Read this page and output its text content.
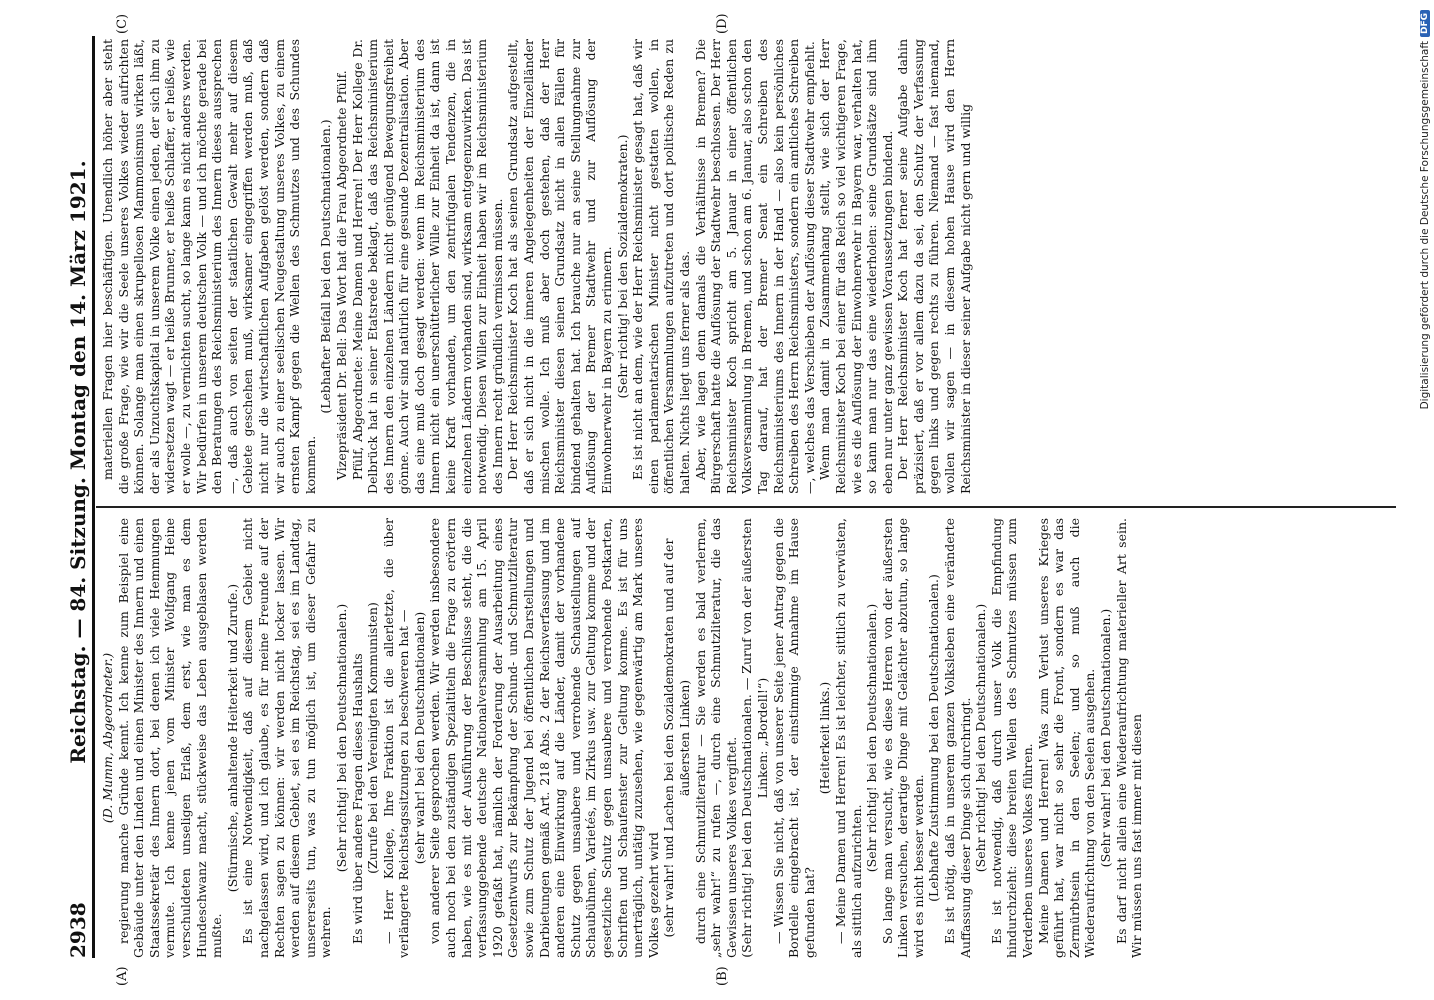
2938
Reichstag. — 84. Sitzung. Montag den 14. März 1921. (D. Mumm, Abgeordneter.) regierung manche Gründe kennt. Ich kenne zum Beispiel eine Gebäude unter den Linden und einen Minister des Innern und einen Staatssekretär des Innern dort, bei denen ich viele Hemmungen vermute. Ich kenne jenen vom Minister Wolfgang Heine verschuldeten unseligen Erlaß, dem erst, wie man es dem Hundeschwanz macht, stückweise das Leben ausgeblasen werden mußte.

(Stürmische, anhaltende Heiterkeit und Zurufe.) Es ist eine Notwendigkeit, daß auf diesem Gebiet nicht nachgelassen wird, und ich glaube, es für meine Freunde auf der Rechten sagen zu können: wir werden nicht locker lassen. Wir werden auf diesem Gebiet, sei es im Reichstag, sei es im Landtag, unsererseits tun, was zu tun möglich ist, um dieser Gefahr zu wehren.

(Sehr richtig! bei den Deutschnationalen.) Es wird über andere Fragen dieses Haushalts (Zurufe bei den Vereinigten Kommunisten) — Herr Kollege, Ihre Fraktion ist die allerletzte, die über verlängerte Reichstagssitzungen zu beschweren hat — (sehr wahr! bei den Deutschnationalen) von anderer Seite gesprochen werden. Wir werden insbesondere auch noch bei den zuständigen Spezialtiteln die Frage zu erörtern haben, wie es mit der Ausführung der Beschlüsse steht, die die verfassunggebende deutsche Nationalversammlung am 15. April 1920 gefaßt hat, nämlich der Forderung der Ausarbeitung eines Gesetzentwurfs zur Bekämpfung der Schund- und Schmutzliteratur sowie zum Schutz der Jugend bei öffentlichen Darstellungen und Darbietungen gemäß Art. 218 Abs. 2 der Reichsverfassung und im anderen eine Einwirkung auf die Länder, damit der vorhandene Schutz gegen unsaubere und verrohende Schaustellungen auf Schaubühnen, Varietés, im Zirkus usw. zur Geltung komme und der gesetzliche Schutz gegen unsaubere und verrohende Postkarten, Schriften und Schaufenster zur Geltung komme. Es ist für uns unerträglich, untätig zuzusehen, wie gegenwärtig am Mark unseres Volkes gezehrt wird (sehr wahr! und Lachen bei den Sozialdemokraten und auf der äußersten Linken) durch eine Schmutzliteratur — Sie werden es bald verlernen, „sehr wahr!“ zu rufen —, durch eine Schmutzliteratur, die das Gewissen unseres Volkes vergiftet. (Sehr richtig! bei den Deutschnationalen. — Zuruf von der äußersten Linken: „Bordell!“) — Wissen Sie nicht, daß von unserer Seite jener Antrag gegen die Bordelle eingebracht ist, der einstimmige Annahme im Hause gefunden hat?

(Heiterkeit links.) — Meine Damen und Herren! Es ist leichter, sittlich zu verwüsten, als sittlich aufzurichten.

(Sehr richtig! bei den Deutschnationalen.) So lange man versucht, wie es diese Herren von der äußersten Linken versuchen, derartige Dinge mit Gelächter abzutun, so lange wird es nicht besser werden. (Lebhafte Zustimmung bei den Deutschnationalen.) Es ist nötig, daß in unserem ganzen Volksleben eine veränderte Auffassung dieser Dinge sich durchringt. (Sehr richtig! bei den Deutschnationalen.) Es ist notwendig, daß durch unser Volk die Empfindung hindurchzieht: diese breiten Wellen des Schmutzes müssen zum Verderben unseres Volkes führen. Meine Damen und Herren! Was zum Verlust unseres Krieges geführt hat, war nicht so sehr die Front, sondern es war das Zermürbtsein in den Seelen; und so muß auch die Wiederaufrichtung von den Seelen ausgehen. (Sehr wahr! bei den Deutschnationalen.) Es darf nicht allein eine Wiederaufrichtung materieller Art sein. Wir müssen uns fast immer mit diesen

materiellen Fragen hier beschäftigen. Unendlich höher aber steht die große Frage, wie wir die Seele unseres Volkes wieder aufrichten können. Solange man einen skrupellosen Mammonismus wirken läßt, der als Unzuchtskapital in unserem Volke einen jeden, der sich ihm zu widersetzen wagt — er heiße Brunner, er heiße Schlaffer, er heiße, wie er wolle —, zu vernichten sucht, so lange kann es nicht anders werden. Wir bedürfen in unserem deutschen Volk — und ich möchte gerade bei den Beratungen des Reichsministerium des Innern dieses aussprechen —, daß auch von seiten der staatlichen Gewalt mehr auf diesem Gebiete geschehen muß, wirksamer eingegriffen werden muß, daß nicht nur die wirtschaftlichen Aufgaben gelöst werden, sondern daß wir auch zu einer seelischen Neugestaltung unseres Volkes, zu einem ernsten Kampf gegen die Wellen des Schmutzes und des Schundes kommen.

(Lebhafter Beifall bei den Deutschnationalen.) Vizepräsident Dr. Bell: Das Wort hat die Frau Abgeordnete Pfülf. Pfülf, Abgeordnete: Meine Damen und Herren! Der Herr Kollege Dr. Delbrück hat in seiner Etatsrede beklagt, daß das Reichsministerium des Innern den einzelnen Ländern nicht genügend Bewegungsfreiheit gönne. Auch wir sind natürlich für eine gesunde Dezentralisation. Aber das eine muß doch gesagt werden: wenn im Reichsministerium des Innern nicht ein unerschütterlicher Wille zur Einheit da ist, dann ist keine Kraft vorhanden, um den zentrifugalen Tendenzen, die in einzelnen Ländern vorhanden sind, wirksam entgegenzuwirken. Das ist notwendig. Diesen Willen zur Einheit haben wir im Reichsministerium des Innern recht gründlich vermissen müssen. Der Herr Reichsminister Koch hat als seinen Grundsatz aufgestellt, daß er sich nicht in die inneren Angelegenheiten der Einzelländer mischen wolle. Ich muß aber doch gestehen, daß der Herr Reichsminister diesen seinen Grundsatz nicht in allen Fällen für bindend gehalten hat. Ich brauche nur an seine Stellungnahme zur Auflösung der Bremer Stadtwehr und zur Auflösung der Einwohnerwehr in Bayern zu erinnern. (Sehr richtig! bei den Sozialdemokraten.) Es ist nicht an dem, wie der Herr Reichsminister gesagt hat, daß wir einen parlamentarischen Minister nicht gestatten wollen, in öffentlichen Versammlungen aufzutreten und dort politische Reden zu halten. Nichts liegt uns ferner als das. Aber, wie lagen denn damals die Verhältnisse in Bremen? Die Bürgerschaft hatte die Auflösung der Stadtwehr beschlossen. Der Herr Reichsminister Koch spricht am 5. Januar in einer öffentlichen Volksversammlung in Bremen, und schon am 6. Januar, also schon den Tag darauf, hat der Bremer Senat ein Schreiben des Reichsministeriums des Innern in der Hand — also kein persönliches Schreiben des Herrn Reichsministers, sondern ein amtliches Schreiben —, welches das Verschieben der Auflösung dieser Stadtwehr empfiehlt. Wenn man damit in Zusammenhang stellt, wie sich der Herr Reichsminister Koch bei einer für das Reich so viel wichtigeren Frage, wie es die Auflösung der Einwohnerwehr in Bayern war, verhalten hat, so kann man nur das eine wiederholen: seine Grundsätze sind ihm eben nur unter ganz gewissen Voraussetzungen bindend. Der Herr Reichsminister Koch hat ferner seine Aufgabe dahin präzisiert, daß er vor allem dazu da sei, den Schutz der Verfassung gegen links und gegen rechts zu führen. Niemand — fast niemand, wollen wir sagen — in diesem hohen Hause wird den Herrn Reichsminister in dieser seiner Aufgabe nicht gern und willig

(A)	(B)
(C)	(D)
Digitalisierung gefördert durch die Deutsche Forschungsgemeinschaft
DFG
